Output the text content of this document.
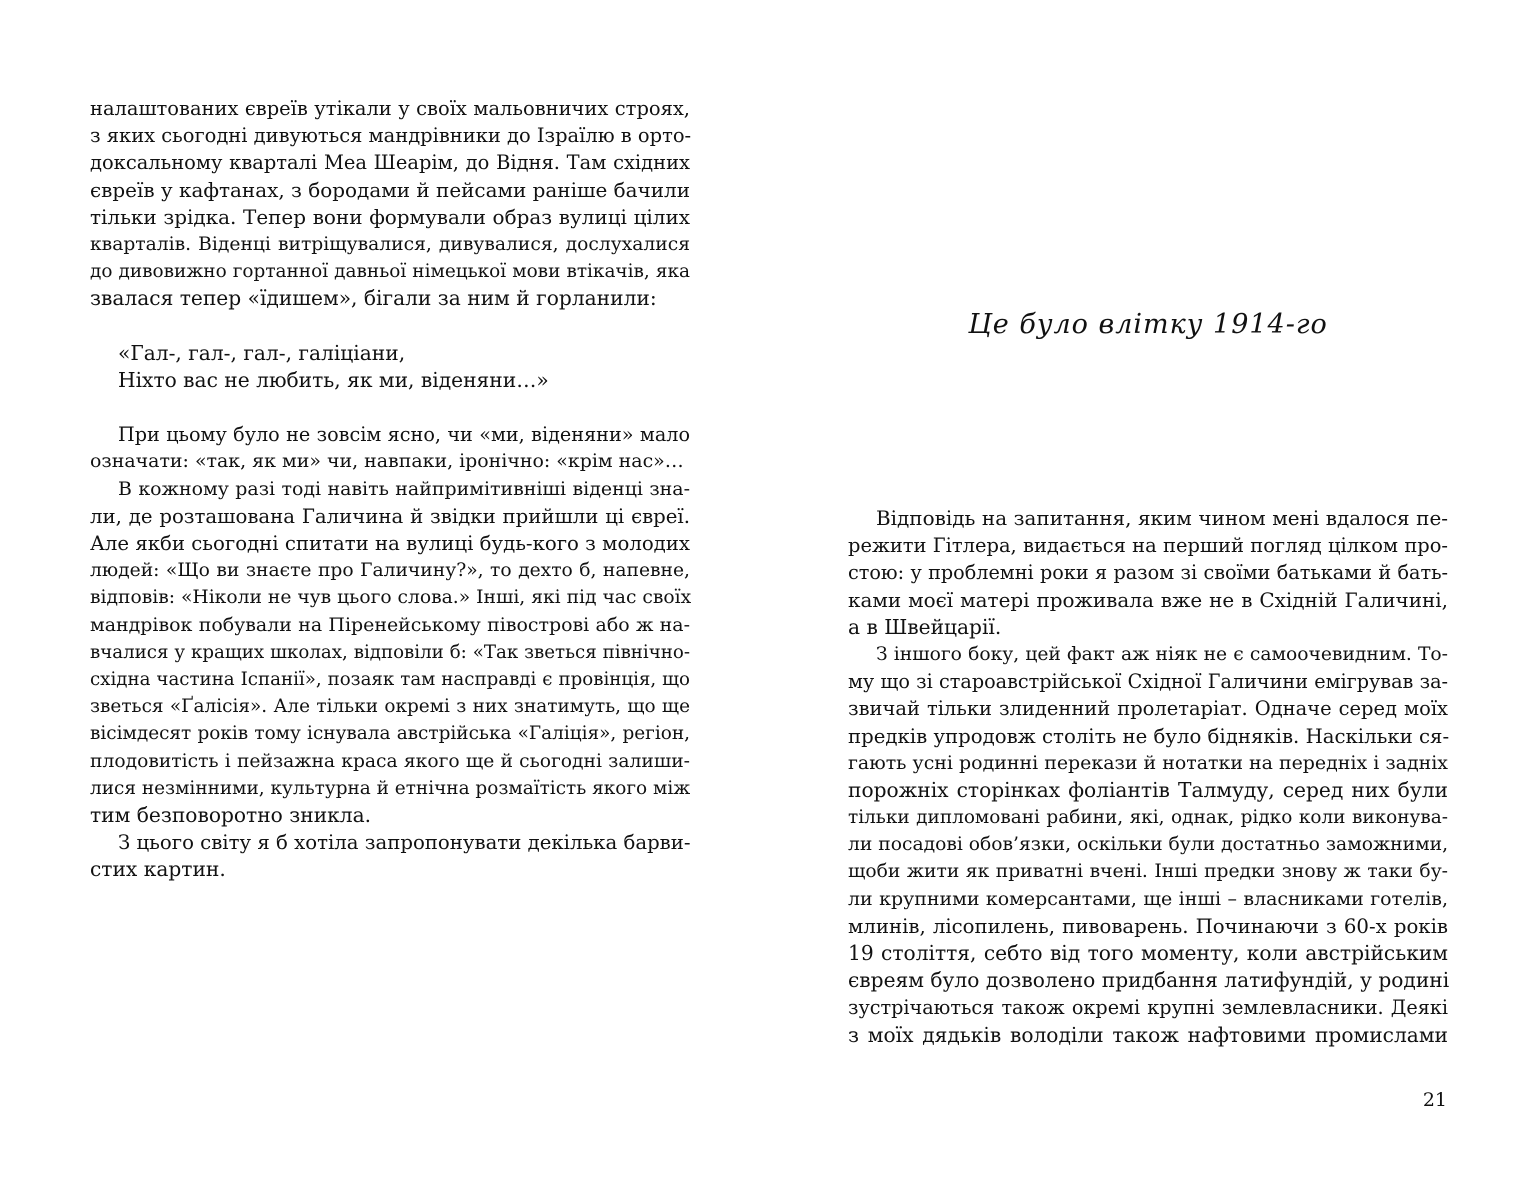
налаштованих євреїв утікали у своїх мальовничих строях,
з яких сьогодні дивуються мандрівники до Ізраїлю в орто-
доксальному кварталі Меа Шеарім, до Відня. Там східних
євреїв у кафтанах, з бородами й пейсами раніше бачили
тільки зрідка. Тепер вони формували образ вулиці цілих
кварталів. Віденці витріщувалися, дивувалися, дослухалися
до дивовижно гортанної давньої німецької мови втікачів, яка
звалася тепер «їдишем», бігали за ним й горланили:
«Гал-, гал-, гал-, галіціани,
Ніхто вас не любить, як ми, віденяни…»
При цьому було не зовсім ясно, чи «ми, віденяни» мало
означати: «так, як ми» чи, навпаки, іронічно: «крім нас»…
В кожному разі тоді навіть найпримітивніші віденці зна-
ли, де розташована Галичина й звідки прийшли ці євреї.
Але якби сьогодні спитати на вулиці будь-кого з молодих
людей: «Що ви знаєте про Галичину?», то дехто б, напевне,
відповів: «Ніколи не чув цього слова.» Інші, які під час своїх
мандрівок побували на Піренейському півострові або ж на-
вчалися у кращих школах, відповіли б: «Так зветься північно-
східна частина Іспанії», позаяк там насправді є провінція, що
зветься «Ґалісія». Але тільки окремі з них знатимуть, що ще
вісімдесят років тому існувала австрійська «Галіція», регіон,
плодовитість і пейзажна краса якого ще й сьогодні залиши-
лися незмінними, культурна й етнічна розмаїтість якого між
тим безповоротно зникла.
З цього світу я б хотіла запропонувати декілька барви-
стих картин.
Це було влітку 1914-го
Відповідь на запитання, яким чином мені вдалося пе-
режити Гітлера, видається на перший погляд цілком про-
стою: у проблемні роки я разом зі своїми батьками й бать-
ками моєї матері проживала вже не в Східній Галичині,
а в Швейцарії.
З іншого боку, цей факт аж ніяк не є самоочевидним. То-
му що зі староавстрійської Східної Галичини емігрував за-
звичай тільки злиденний пролетаріат. Одначе серед моїх
предків упродовж століть не було бідняків. Наскільки ся-
гають усні родинні перекази й нотатки на передніх і задніх
порожніх сторінках фоліантів Талмуду, серед них були
тільки дипломовані рабини, які, однак, рідко коли виконува-
ли посадові обов’язки, оскільки були достатньо заможними,
щоби жити як приватні вчені. Інші предки знову ж таки бу-
ли крупними комерсантами, ще інші – власниками готелів,
млинів, лісопилень, пивоварень. Починаючи з 60-х років
19 століття, себто від того моменту, коли австрійським
євреям було дозволено придбання латифундій, у родині
зустрічаються також окремі крупні землевласники. Деякі
з моїх дядьків володіли також нафтовими промислами
21
